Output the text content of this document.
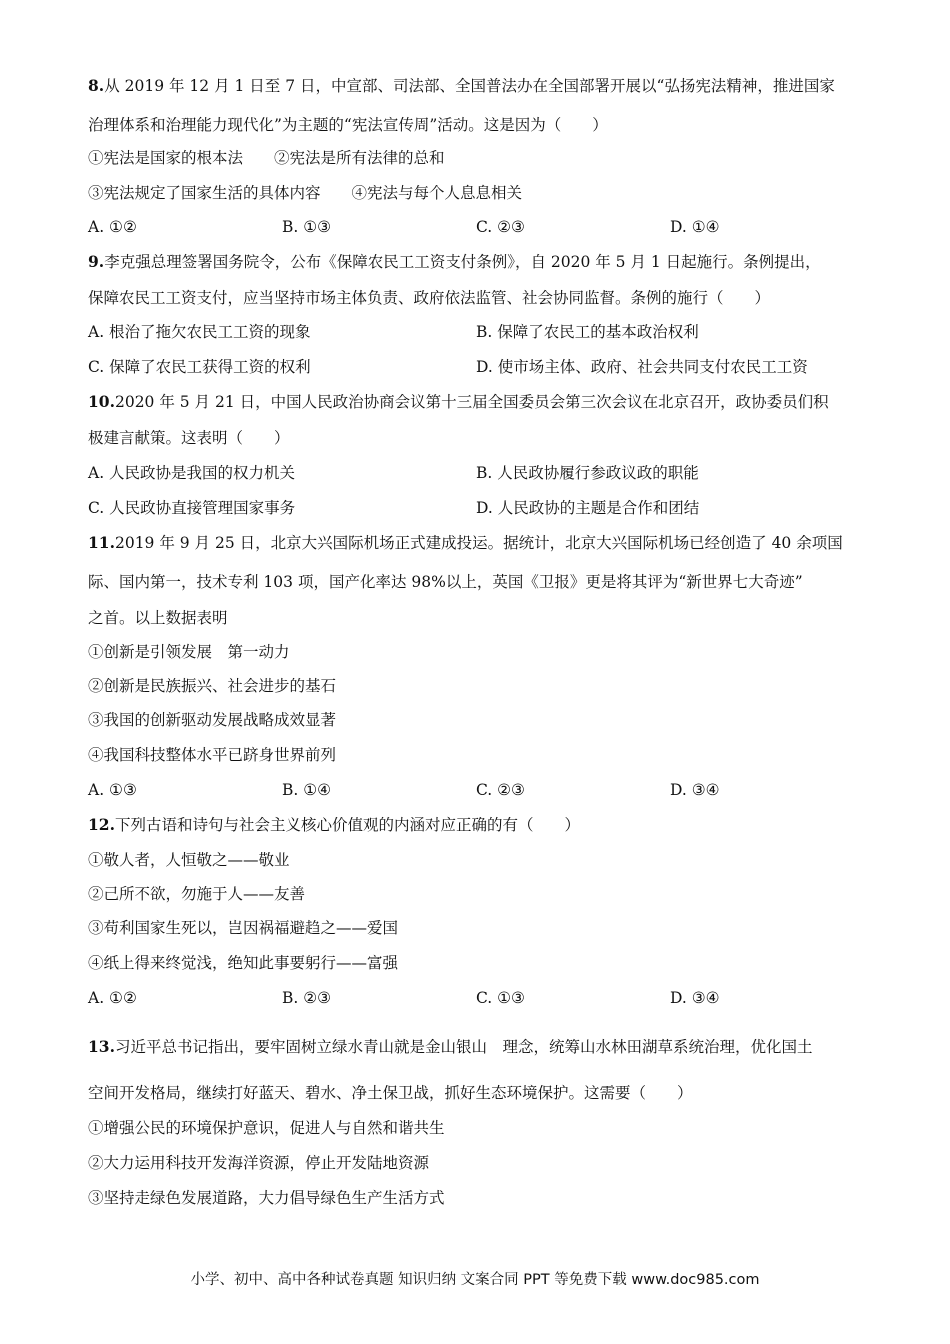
8.从 2019 年 12 月 1 日至 7 日，中宣部、司法部、全国普法办在全国部署开展以“弘扬宪法精神，推进国家
治理体系和治理能力现代化”为主题的“宪法宣传周”活动。这是因为（　　）
①宪法是国家的根本法　　②宪法是所有法律的总和
③宪法规定了国家生活的具体内容　　④宪法与每个人息息相关
A. ①②	B. ①③	C. ②③	D. ①④
9.李克强总理签署国务院令，公布《保障农民工工资支付条例》，自 2020 年 5 月 1 日起施行。条例提出，
保障农民工工资支付，应当坚持市场主体负责、政府依法监管、社会协同监督。条例的施行（　　）
A. 根治了拖欠农民工工资的现象	B. 保障了农民工的基本政治权利
C. 保障了农民工获得工资的权利	D. 使市场主体、政府、社会共同支付农民工工资
10.2020 年 5 月 21 日，中国人民政治协商会议第十三届全国委员会第三次会议在北京召开，政协委员们积
极建言献策。这表明（　　）
A. 人民政协是我国的权力机关	B. 人民政协履行参政议政的职能
C. 人民政协直接管理国家事务	D. 人民政协的主题是合作和团结
11.2019 年 9 月 25 日，北京大兴国际机场正式建成投运。据统计，北京大兴国际机场已经创造了 40 余项国
际、国内第一，技术专利 103 项，国产化率达 98%以上，英国《卫报》更是将其评为“新世界七大奇迹”
之首。以上数据表明
①创新是引领发展　第一动力
②创新是民族振兴、社会进步的基石
③我国的创新驱动发展战略成效显著
④我国科技整体水平已跻身世界前列
A. ①③	B. ①④	C. ②③	D. ③④
12.下列古语和诗句与社会主义核心价值观的内涵对应正确的有（　　）
①敬人者，人恒敬之——敬业
②己所不欲，勿施于人——友善
③苟利国家生死以，岂因祸福避趋之——爱国
④纸上得来终觉浅，绝知此事要躬行——富强
A. ①②	B. ②③	C. ①③	D. ③④
13.习近平总书记指出，要牢固树立绿水青山就是金山银山　理念，统筹山水林田湖草系统治理，优化国土
空间开发格局，继续打好蓝天、碧水、净土保卫战，抓好生态环境保护。这需要（　　）
①增强公民的环境保护意识，促进人与自然和谐共生
②大力运用科技开发海洋资源，停止开发陆地资源
③坚持走绿色发展道路，大力倡导绿色生产生活方式
小学、初中、高中各种试卷真题 知识归纳 文案合同 PPT 等免费下载 www.doc985.com
